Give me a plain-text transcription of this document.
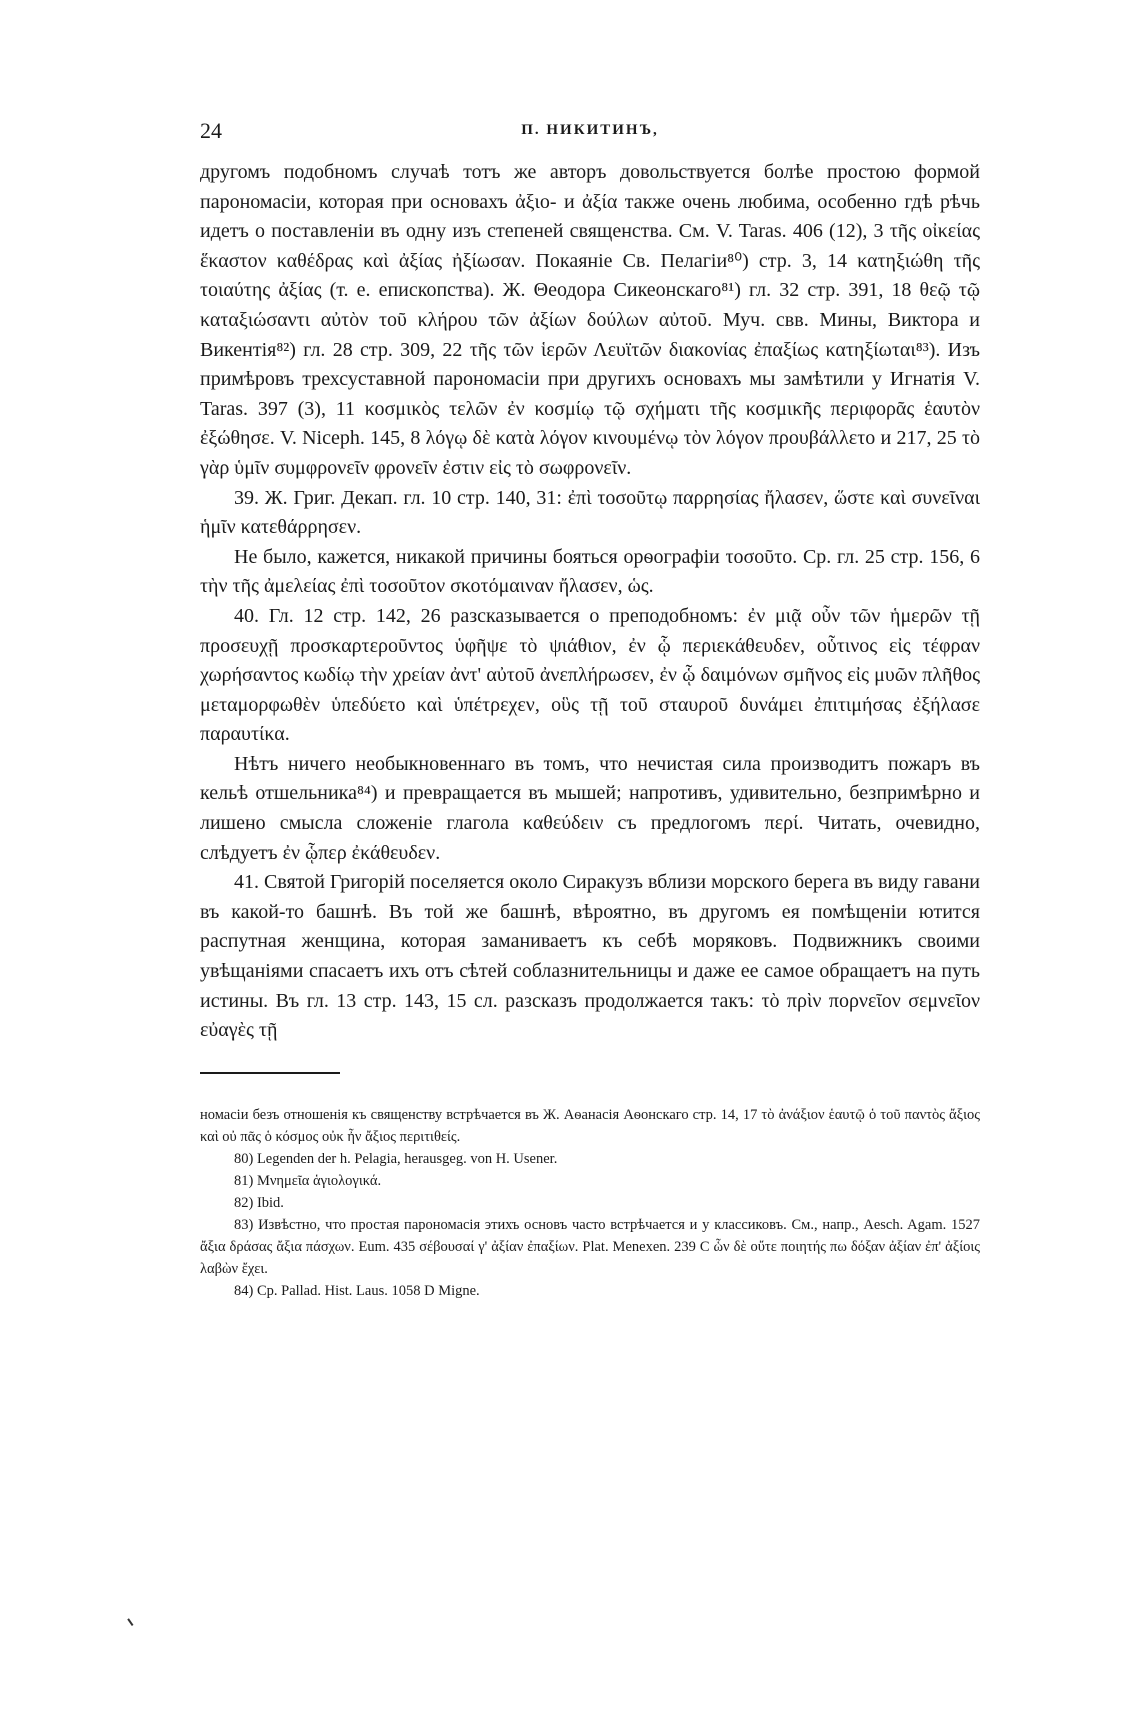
24	П. НИКИТИНЪ,

другомъ подобномъ случаѣ тотъ же авторъ довольствуется болѣе простою формой парономасіи, которая при основахъ ἀξιο- и ἀξία также очень любима, особенно гдѣ рѣчь идетъ о поставленіи въ одну изъ степеней священства. См. V. Taras. 406 (12), 3 τῆς οἰκείας ἕκαστον καθέδρας καὶ ἀξίας ἠξίωσαν. Покаяніе Св. Пелагіи⁸⁰) стр. 3, 14 κατηξιώθη τῆς τοιαύτης ἀξίας (т. е. епископства). Ж. Θеодора Сикеонскаго⁸¹) гл. 32 стр. 391, 18 θεῷ τῷ καταξιώσαντι αὐτὸν τοῦ κλήρου τῶν ἀξίων δούλων αὐτοῦ. Муч. свв. Мины, Виктора и Викентія⁸²) гл. 28 стр. 309, 22 τῆς τῶν ἱερῶν Λευϊτῶν διακονίας ἐπαξίως κατηξίωται⁸³). Изъ примѣровъ трехсуставной парономасіи при другихъ основахъ мы замѣтили у Игнатія V. Taras. 397 (3), 11 κοσμικὸς τελῶν ἐν κοσμίῳ τῷ σχήματι τῆς κοσμικῆς περιφορᾶς ἑαυτὸν ἐξώθησε. V. Niceph. 145, 8 λόγῳ δὲ κατὰ λόγον κινουμένῳ τὸν λόγον προυβάλλετο и 217, 25 τὸ γὰρ ὑμῖν συμφρονεῖν φρονεῖν ἐστιν εἰς τὸ σωφρονεῖν.

39. Ж. Григ. Декап. гл. 10 стр. 140, 31: ἐπὶ τοσοῦτῳ παρρησίας ἤλασεν, ὥστε καὶ συνεῖναι ἡμῖν κατεθάρρησεν.

Не было, кажется, никакой причины бояться орѳографіи τοσοῦτο. Ср. гл. 25 стр. 156, 6 τὴν τῆς ἀμελείας ἐπὶ τοσοῦτον σκοτόμαιναν ἤλασεν, ὡς.

40. Гл. 12 стр. 142, 26 разсказывается о преподобномъ: ἐν μιᾷ οὖν τῶν ἡμερῶν τῇ προσευχῇ προσκαρτεροῦντος ὑφῆψε τὸ ψιάθιον, ἐν ᾧ περιεκάθευδεν, οὗτινος εἰς τέφραν χωρήσαντος κωδίῳ τὴν χρείαν ἀντ' αὐτοῦ ἀνεπλήρωσεν, ἐν ᾧ δαιμόνων σμῆνος εἰς μυῶν πλῆθος μεταμορφωθὲν ὑπεδύετο καὶ ὑπέτρεχεν, οὓς τῇ τοῦ σταυροῦ δυνάμει ἐπιτιμήσας ἐξήλασε παραυτίκα.

Нѣтъ ничего необыкновеннаго въ томъ, что нечистая сила производитъ пожаръ въ кельѣ отшельника⁸⁴) и превращается въ мышей; напротивъ, удивительно, безпримѣрно и лишено смысла сложеніе глагола καθεύδειν съ предлогомъ περί. Читать, очевидно, слѣдуетъ ἐν ᾧπερ ἐκάθευδεν.

41. Святой Григорій поселяется около Сиракузъ вблизи морского берега въ виду гавани въ какой-то башнѣ. Въ той же башнѣ, вѣроятно, въ другомъ ея помѣщеніи ютится распутная женщина, которая заманиваетъ къ себѣ моряковъ. Подвижникъ своими увѣщаніями спасаетъ ихъ отъ сѣтей соблазнительницы и даже ее самое обращаетъ на путь истины. Въ гл. 13 стр. 143, 15 сл. разсказъ продолжается такъ: τὸ πρὶν πορνεῖον σεμνεῖον εὐαγὲς τῇ

номасіи безъ отношенія къ священству встрѣчается въ Ж. Аѳанасія Аѳонскаго стр. 14, 17 τὸ ἀνάξιον ἑαυτῷ ὁ τοῦ παντὸς ἄξιος καὶ οὐ πᾶς ὁ κόσμος οὐκ ἦν ἄξιος περιτιθείς.

80) Legenden der h. Pelagia, herausgeg. von H. Usener.

81) Μνημεῖα ἁγιολογικά.

82) Ibid.

83) Извѣстно, что простая парономасія этихъ основъ часто встрѣчается и у классиковъ. См., напр., Aesch. Agam. 1527 ἄξια δράσας ἄξια πάσχων. Eum. 435 σέβουσαί γ' ἀξίαν ἐπαξίων. Plat. Menexen. 239 C ὧν δὲ οὔτε ποιητής πω δόξαν ἀξίαν ἐπ' ἀξίοις λαβὼν ἔχει.

84) Cp. Pallad. Hist. Laus. 1058 D Migne.
